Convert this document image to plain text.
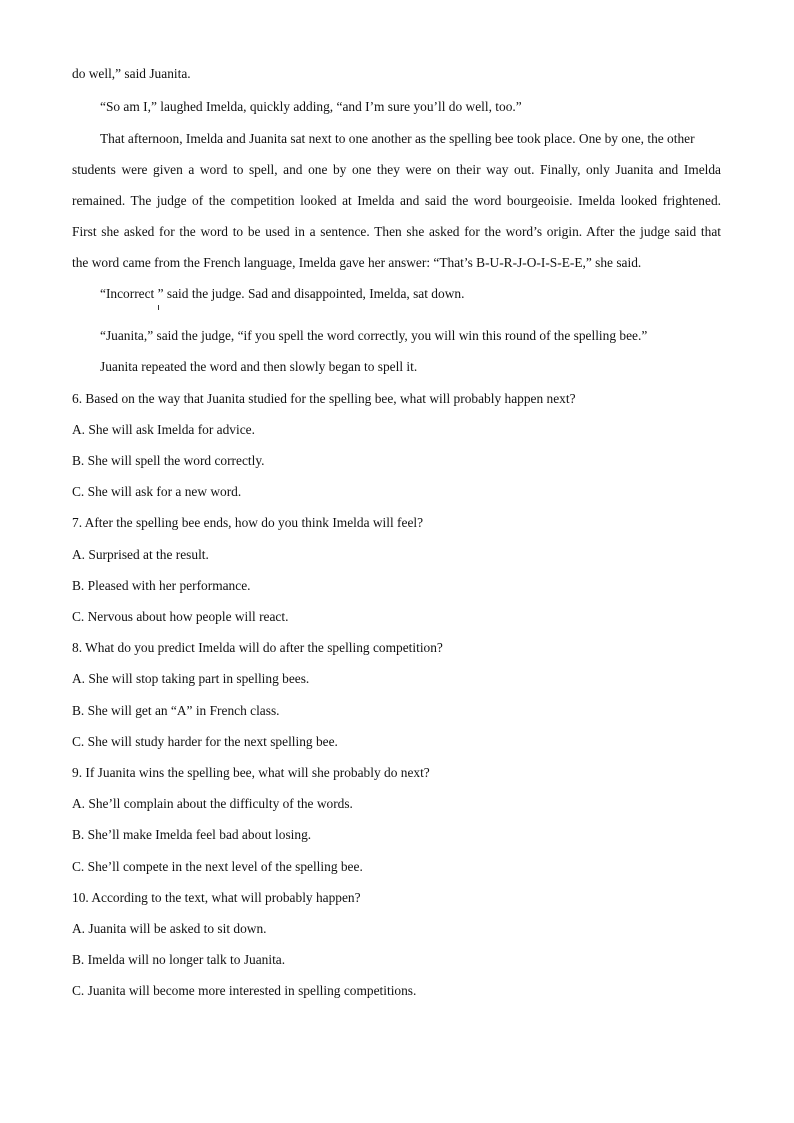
do well,” said Juanita.
“So am I,” laughed Imelda, quickly adding, “and I’m sure you’ll do well, too.”
That afternoon, Imelda and Juanita sat next to one another as the spelling bee took place. One by one, the other
students were given a word to spell, and one by one they were on their way out. Finally, only Juanita and Imelda
remained. The judge of the competition looked at Imelda and said the word bourgeoisie. Imelda looked frightened.
First she asked for the word to be used in a sentence. Then she asked for the word’s origin. After the judge said that
the word came from the French language, Imelda gave her answer: “That’s B-U-R-J-O-I-S-E-E,” she said.
“Incorrect ” said the judge. Sad and disappointed, Imelda, sat down.
“Juanita,” said the judge, “if you spell the word correctly, you will win this round of the spelling bee.”
Juanita repeated the word and then slowly began to spell it.
6. Based on the way that Juanita studied for the spelling bee, what will probably happen next?
A. She will ask Imelda for advice.
B. She will spell the word correctly.
C. She will ask for a new word.
7. After the spelling bee ends, how do you think Imelda will feel?
A. Surprised at the result.
B. Pleased with her performance.
C. Nervous about how people will react.
8. What do you predict Imelda will do after the spelling competition?
A. She will stop taking part in spelling bees.
B. She will get an “A” in French class.
C. She will study harder for the next spelling bee.
9. If Juanita wins the spelling bee, what will she probably do next?
A. She’ll complain about the difficulty of the words.
B. She’ll make Imelda feel bad about losing.
C. She’ll compete in the next level of the spelling bee.
10. According to the text, what will probably happen?
A. Juanita will be asked to sit down.
B. Imelda will no longer talk to Juanita.
C. Juanita will become more interested in spelling competitions.
